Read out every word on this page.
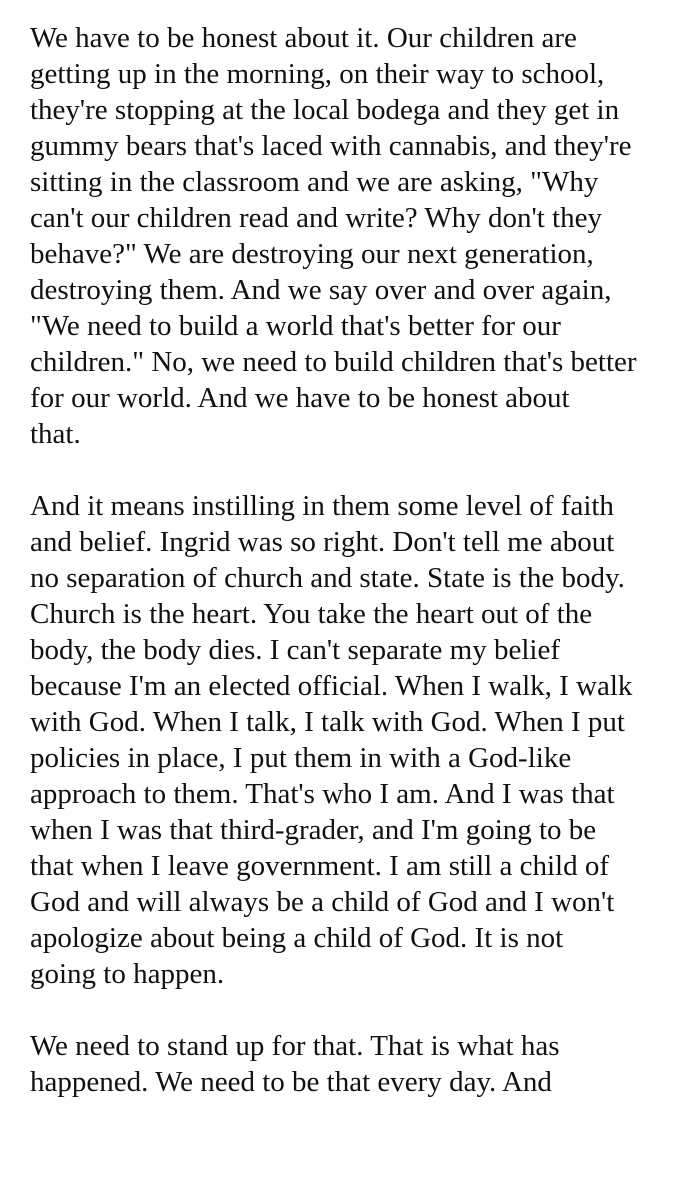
We have to be honest about it. Our children are
getting up in the morning, on their way to school,
they're stopping at the local bodega and they get in
gummy bears that's laced with cannabis, and they're
sitting in the classroom and we are asking, "Why
can't our children read and write? Why don't they
behave?" We are destroying our next generation,
destroying them. And we say over and over again,
"We need to build a world that's better for our
children." No, we need to build children that's better
for our world. And we have to be honest about
that.

And it means instilling in them some level of faith
and belief. Ingrid was so right. Don't tell me about
no separation of church and state. State is the body.
Church is the heart. You take the heart out of the
body, the body dies. I can't separate my belief
because I'm an elected official. When I walk, I walk
with God. When I talk, I talk with God. When I put
policies in place, I put them in with a God-like
approach to them. That's who I am. And I was that
when I was that third-grader, and I'm going to be
that when I leave government. I am still a child of
God and will always be a child of God and I won't
apologize about being a child of God. It is not
going to happen.

We need to stand up for that. That is what has
happened. We need to be that every day. And
